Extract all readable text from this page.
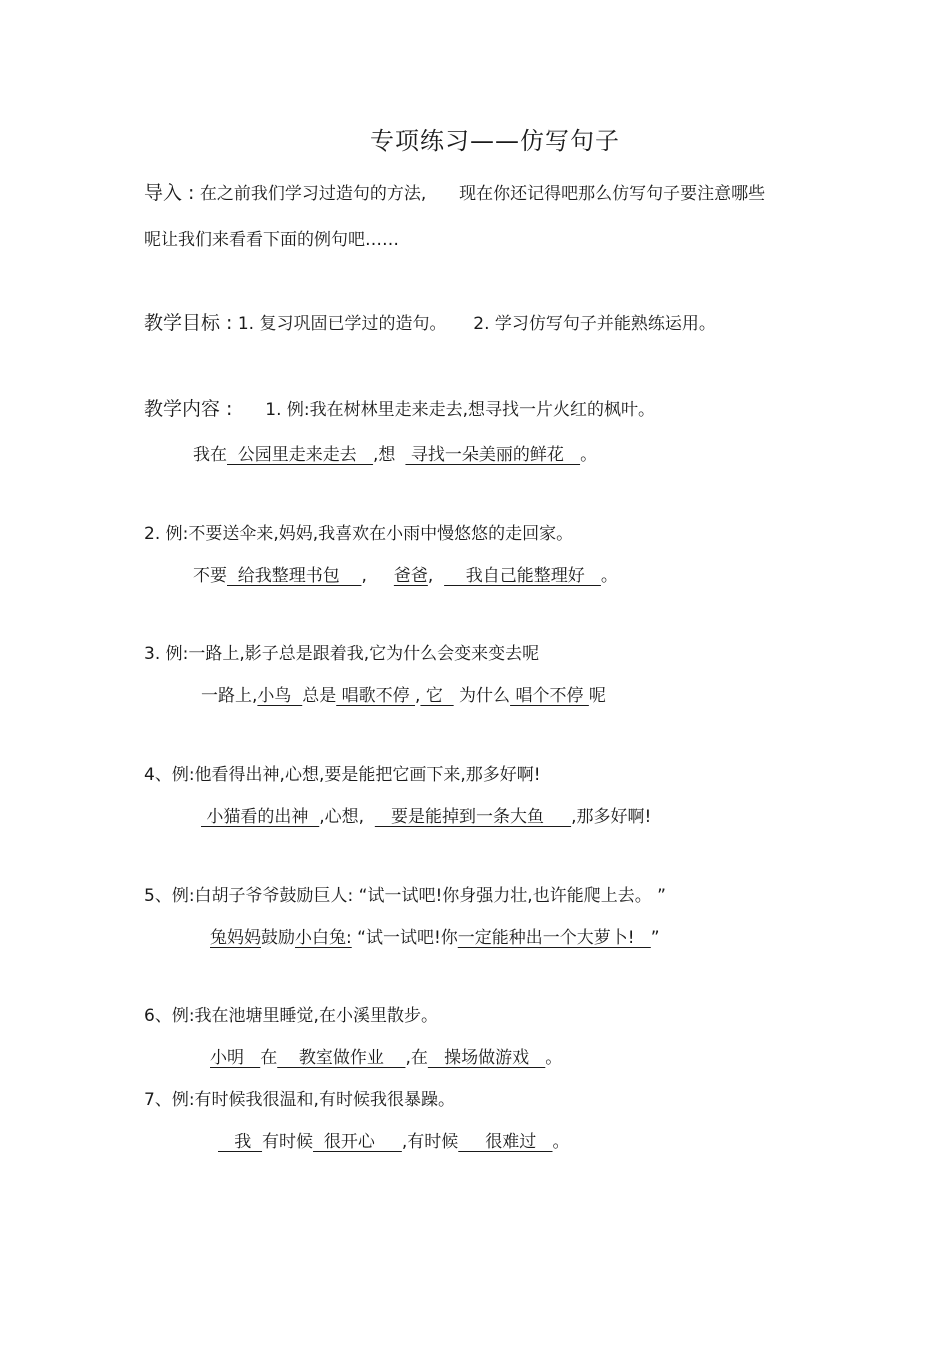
专项练习——仿写句子
导入 : 在之前我们学习过造句的方法, 现在你还记得吧那么仿写句子要注意哪些
呢让我们来看看下面的例句吧……
教学目标 : 1. 复习巩固已学过的造句。 2. 学习仿写句子并能熟练运用。
教学内容 : 1. 例:我在树林里走来走去,想寻找一片火红的枫叶。
我在  公园里走来走去   ,想 寻找一朵美丽的鲜花   。
2. 例:不要送伞来,妈妈,我喜欢在小雨中慢悠悠的走回家。
不要  给我整理书包    ,     爸爸,      我自己能整理好   。
3. 例:一路上,影子总是跟着我,它为什么会变来变去呢
一路上,小鸟  总是 唱歌不停 , 它   为什么 唱个不停 呢
4、例:他看得出神,心想,要是能把它画下来,那多好啊!
小猫看的出神  ,心想,     要是能掉到一条大鱼     ,那多好啊!
5、例:白胡子爷爷鼓励巨人: “试一试吧!你身强力壮,也许能爬上去。 ”
兔妈妈鼓励小白兔: “试一试吧!你一定能种出一个大萝卜!   ”
6、例:我在池塘里睡觉,在小溪里散步。
小明   在    教室做作业    ,在   操场做游戏   。
7、例:有时候我很温和,有时候我很暴躁。
我  有时候  很开心     ,有时候     很难过   。
